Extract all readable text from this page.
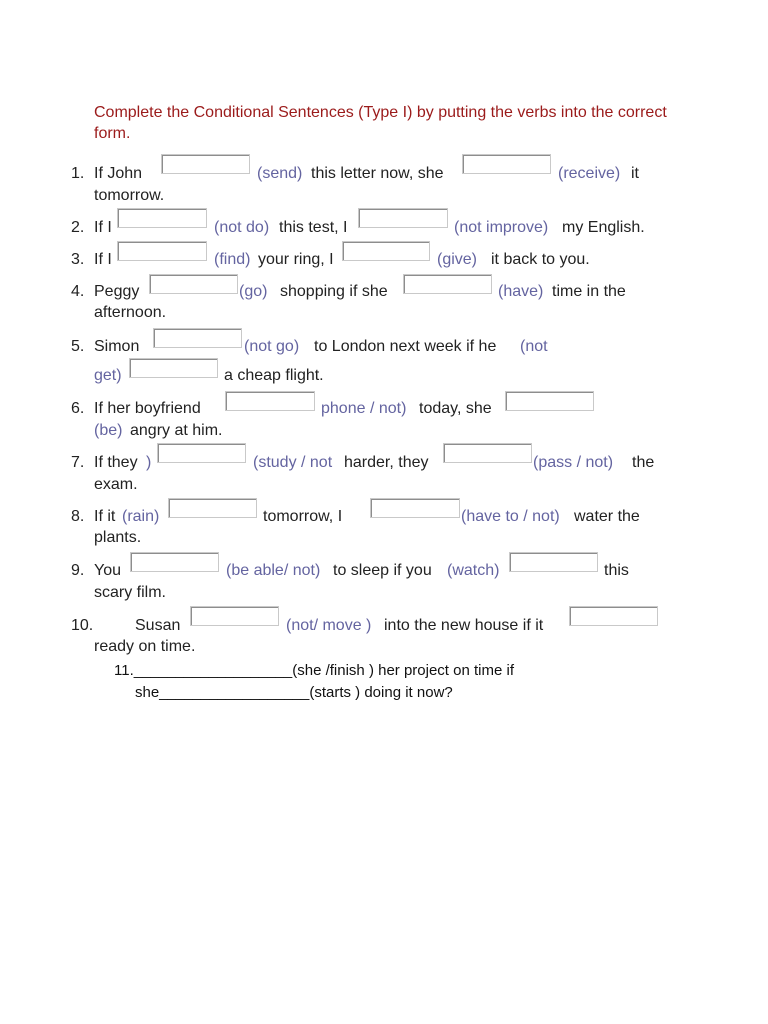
Complete the Conditional Sentences (Type I) by putting the verbs into the correct form.
1. If John	(send) this letter now, she	(receive) it
tomorrow.
2. If I	(not do) this test, I	(not improve) my English.
3. If I	(find) your ring, I	(give) it back to you.
4. Peggy	(go) shopping if she	(have) time in the
afternoon.
5. Simon	(not go) to London next week if he (not
get)	a cheap flight.
6. If her boyfriend	phone / not) today, she
(be) angry at him.
7. If they )	(study / not harder, they	(pass / not) the
exam.
8. If it (rain)	tomorrow, I	(have to / not) water the
plants.
9. You	(be able/ not) to sleep if you (watch)	this
scary film.
10.	Susan	(not/ move ) into the new house if it
ready on time.
11.___________________(she /finish ) her project on time if
she__________________(starts ) doing it now?
